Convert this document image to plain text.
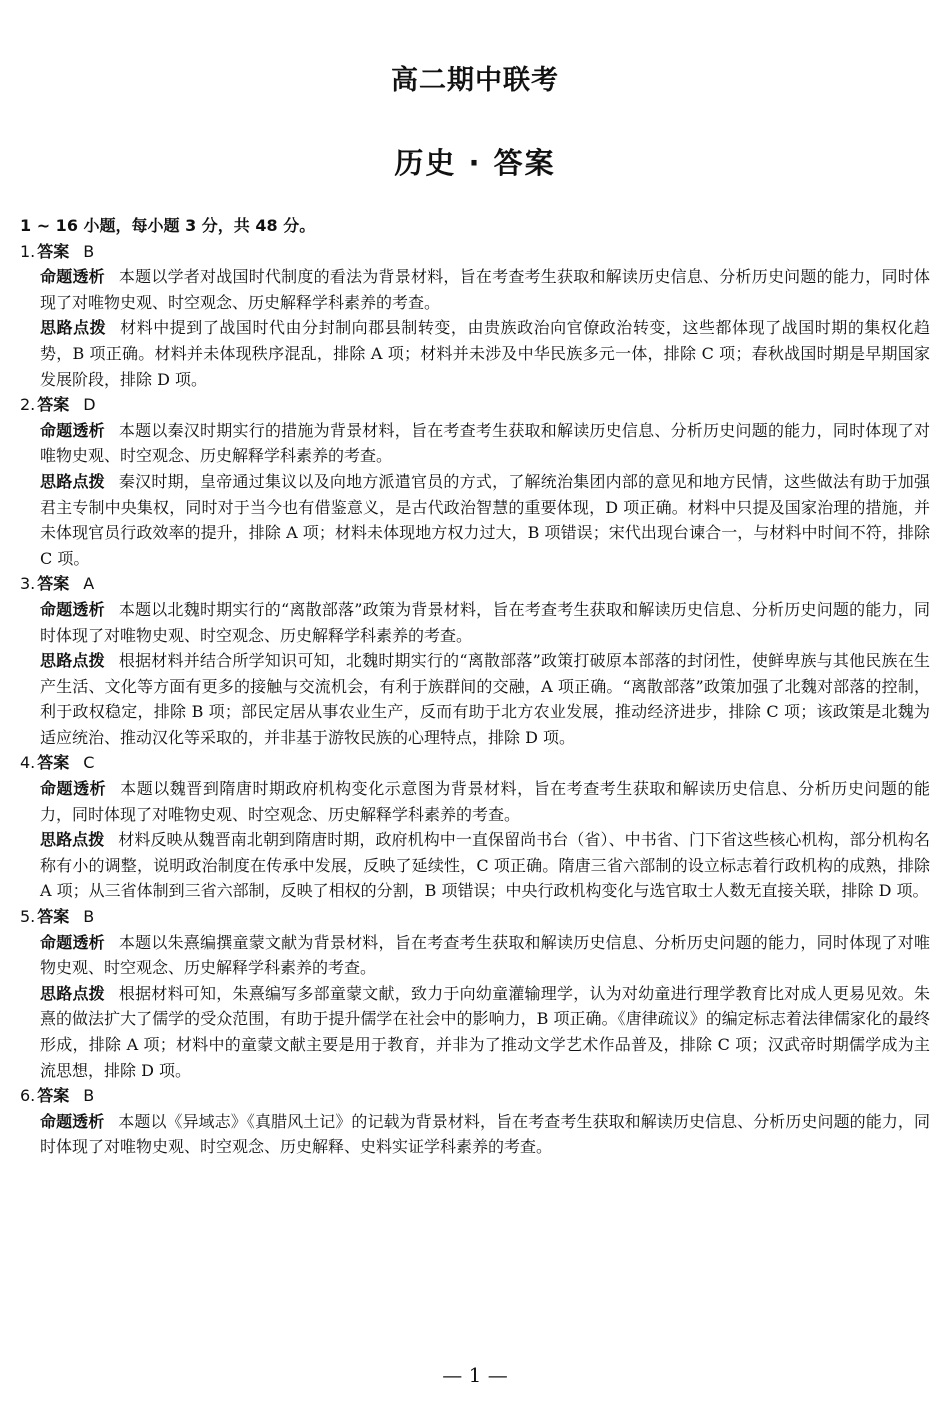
高二期中联考
历史 · 答案
1 ~ 16 小题，每小题 3 分，共 48 分。
1. 答案 B
命题透析 本题以学者对战国时代制度的看法为背景材料，旨在考查考生获取和解读历史信息、分析历史问题的能力，同时体现了对唯物史观、时空观念、历史解释学科素养的考查。
思路点拨 材料中提到了战国时代由分封制向郡县制转变，由贵族政治向官僚政治转变，这些都体现了战国时期的集权化趋势，B 项正确。材料并未体现秩序混乱，排除 A 项；材料并未涉及中华民族多元一体，排除 C 项；春秋战国时期是早期国家发展阶段，排除 D 项。
2. 答案 D
命题透析 本题以秦汉时期实行的措施为背景材料，旨在考查考生获取和解读历史信息、分析历史问题的能力，同时体现了对唯物史观、时空观念、历史解释学科素养的考查。
思路点拨 秦汉时期，皇帝通过集议以及向地方派遣官员的方式，了解统治集团内部的意见和地方民情，这些做法有助于加强君主专制中央集权，同时对于当今也有借鉴意义，是古代政治智慧的重要体现，D 项正确。材料中只提及国家治理的措施，并未体现官员行政效率的提升，排除 A 项；材料未体现地方权力过大，B 项错误；宋代出现台谏合一，与材料中时间不符，排除 C 项。
3. 答案 A
命题透析 本题以北魏时期实行的“离散部落”政策为背景材料，旨在考查考生获取和解读历史信息、分析历史问题的能力，同时体现了对唯物史观、时空观念、历史解释学科素养的考查。
思路点拨 根据材料并结合所学知识可知，北魏时期实行的“离散部落”政策打破原本部落的封闭性，使鲜卑族与其他民族在生产生活、文化等方面有更多的接触与交流机会，有利于族群间的交融，A 项正确。“离散部落”政策加强了北魏对部落的控制，利于政权稳定，排除 B 项；部民定居从事农业生产，反而有助于北方农业发展，推动经济进步，排除 C 项；该政策是北魏为适应统治、推动汉化等采取的，并非基于游牧民族的心理特点，排除 D 项。
4. 答案 C
命题透析 本题以魏晋到隋唐时期政府机构变化示意图为背景材料，旨在考查考生获取和解读历史信息、分析历史问题的能力，同时体现了对唯物史观、时空观念、历史解释学科素养的考查。
思路点拨 材料反映从魏晋南北朝到隋唐时期，政府机构中一直保留尚书台（省）、中书省、门下省这些核心机构，部分机构名称有小的调整，说明政治制度在传承中发展，反映了延续性，C 项正确。隋唐三省六部制的设立标志着行政机构的成熟，排除 A 项；从三省体制到三省六部制，反映了相权的分割，B 项错误；中央行政机构变化与选官取士人数无直接关联，排除 D 项。
5. 答案 B
命题透析 本题以朱熹编撰童蒙文献为背景材料，旨在考查考生获取和解读历史信息、分析历史问题的能力，同时体现了对唯物史观、时空观念、历史解释学科素养的考查。
思路点拨 根据材料可知，朱熹编写多部童蒙文献，致力于向幼童灌输理学，认为对幼童进行理学教育比对成人更易见效。朱熹的做法扩大了儒学的受众范围，有助于提升儒学在社会中的影响力，B 项正确。《唐律疏议》的编定标志着法律儒家化的最终形成，排除 A 项；材料中的童蒙文献主要是用于教育，并非为了推动文学艺术作品普及，排除 C 项；汉武帝时期儒学成为主流思想，排除 D 项。
6. 答案 B
命题透析 本题以《异域志》《真腊风土记》的记载为背景材料，旨在考查考生获取和解读历史信息、分析历史问题的能力，同时体现了对唯物史观、时空观念、历史解释、史料实证学科素养的考查。
— 1 —
